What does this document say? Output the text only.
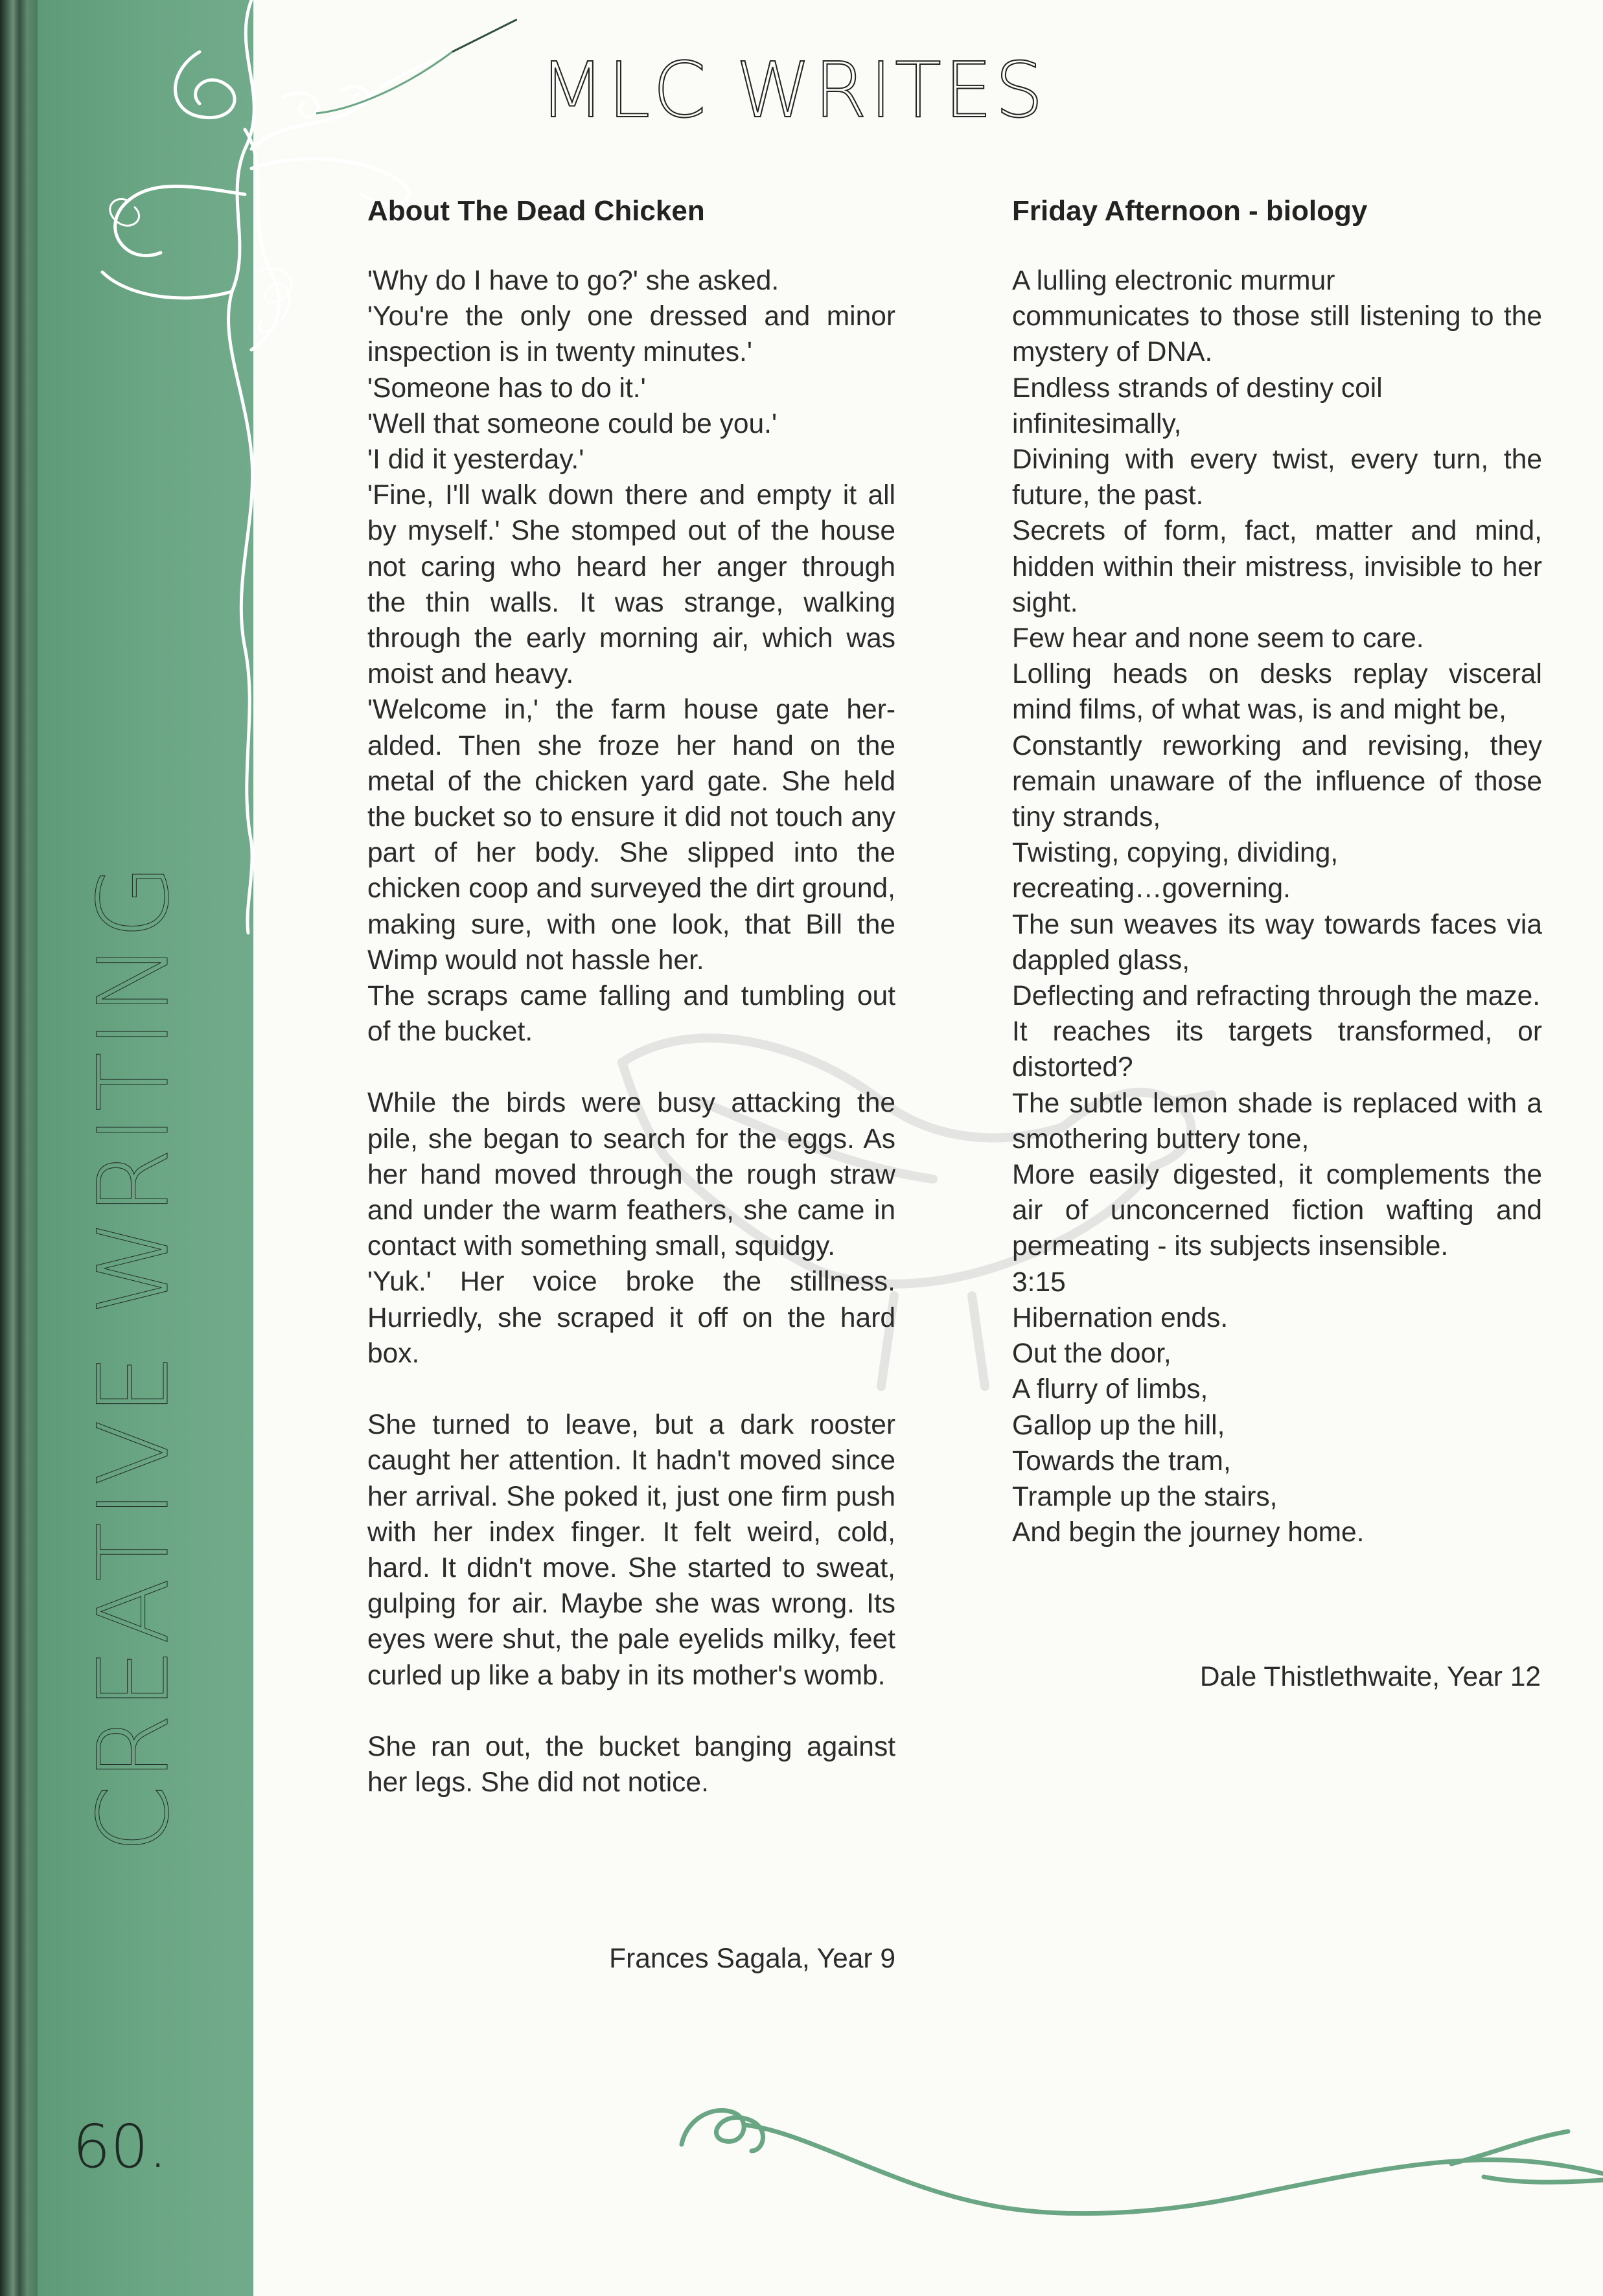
MLC WRITES
CREATIVE WRITING
60.
About The Dead Chicken

'Why do I have to go?' she asked.

'You're the only one dressed and minor inspection is in twenty minutes.'

'Someone has to do it.'

'Well that someone could be you.'

'I did it yesterday.'

'Fine, I'll walk down there and empty it all by myself.' She stomped out of the house not caring who heard her anger through the thin walls. It was strange, walking through the early morning air, which was moist and heavy.

'Welcome in,' the farm house gate her-alded. Then she froze her hand on the metal of the chicken yard gate. She held the bucket so to ensure it did not touch any part of her body. She slipped into the chicken coop and surveyed the dirt ground, making sure, with one look, that Bill the Wimp would not hassle her.

The scraps came falling and tumbling out of the bucket.

While the birds were busy attacking the pile, she began to search for the eggs. As her hand moved through the rough straw and under the warm feathers, she came in contact with something small, squidgy.

'Yuk.' Her voice broke the stillness. Hurriedly, she scraped it off on the hard box.

She turned to leave, but a dark rooster caught her attention. It hadn't moved since her arrival. She poked it, just one firm push with her index finger. It felt weird, cold, hard. It didn't move. She started to sweat, gulping for air. Maybe she was wrong. Its eyes were shut, the pale eyelids milky, feet curled up like a baby in its mother's womb.

She ran out, the bucket banging against her legs. She did not notice.

Frances Sagala, Year 9
Friday Afternoon - biology

A lulling electronic murmur

communicates to those still listening to the mystery of DNA.

Endless strands of destiny coil

infinitesimally,

Divining with every twist, every turn, the future, the past.

Secrets of form, fact, matter and mind, hidden within their mistress, invisible to her sight.

Few hear and none seem to care.

Lolling heads on desks replay visceral mind films, of what was, is and might be,

Constantly reworking and revising, they remain unaware of the influence of those tiny strands,

Twisting, copying, dividing,

recreating…governing.

The sun weaves its way towards faces via dappled glass,

Deflecting and refracting through the maze.

It reaches its targets transformed, or distorted?

The subtle lemon shade is replaced with a smothering buttery tone,

More easily digested, it complements the air of unconcerned fiction wafting and permeating - its subjects insensible.

3:15

Hibernation ends.

Out the door,

A flurry of limbs,

Gallop up the hill,

Towards the tram,

Trample up the stairs,

And begin the journey home.

Dale Thistlethwaite, Year 12
